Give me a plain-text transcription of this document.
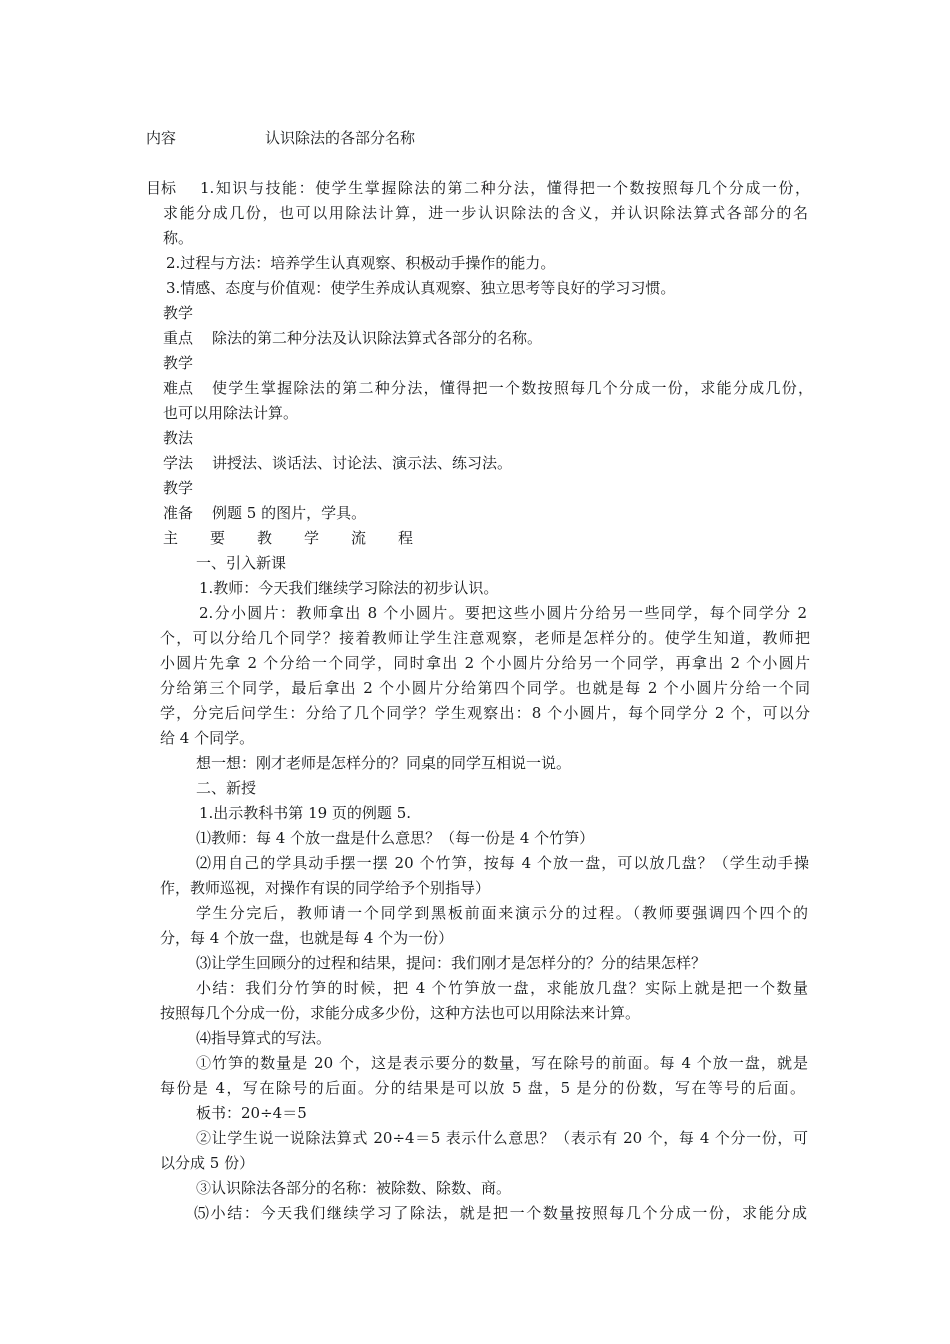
内容	认识除法的各部分名称
目标 1.知识与技能：使学生掌握除法的第二种分法，懂得把一个数按照每几个分成一份，
求能分成几份，也可以用除法计算，进一步认识除法的含义，并认识除法算式各部分的名
称。
2.过程与方法：培养学生认真观察、积极动手操作的能力。
3.情感、态度与价值观：使学生养成认真观察、独立思考等良好的学习习惯。
教学
重点 除法的第二种分法及认识除法算式各部分的名称。
教学
难点 使学生掌握除法的第二种分法，懂得把一个数按照每几个分成一份，求能分成几份，
也可以用除法计算。
教法
学法 讲授法、谈话法、讨论法、演示法、练习法。
教学
准备 例题 5 的图片，学具。
主要教学流程
一、引入新课
1.教师：今天我们继续学习除法的初步认识。
2.分小圆片：教师拿出 8 个小圆片。要把这些小圆片分给另一些同学，每个同学分 2
个，可以分给几个同学？接着教师让学生注意观察，老师是怎样分的。使学生知道，教师把
小圆片先拿 2 个分给一个同学，同时拿出 2 个小圆片分给另一个同学，再拿出 2 个小圆片
分给第三个同学，最后拿出 2 个小圆片分给第四个同学。也就是每 2 个小圆片分给一个同
学，分完后问学生：分给了几个同学？学生观察出：8 个小圆片，每个同学分 2 个，可以分
给 4 个同学。
想一想：刚才老师是怎样分的？同桌的同学互相说一说。
二、新授
1.出示教科书第 19 页的例题 5.
⑴教师：每 4 个放一盘是什么意思？（每一份是 4 个竹笋）
⑵用自己的学具动手摆一摆 20 个竹笋，按每 4 个放一盘，可以放几盘？（学生动手操
作，教师巡视，对操作有误的同学给予个别指导）
学生分完后，教师请一个同学到黑板前面来演示分的过程。（教师要强调四个四个的
分，每 4 个放一盘，也就是每 4 个为一份）
⑶让学生回顾分的过程和结果，提问：我们刚才是怎样分的？分的结果怎样？
小结：我们分竹笋的时候，把 4 个竹笋放一盘，求能放几盘？实际上就是把一个数量
按照每几个分成一份，求能分成多少份，这种方法也可以用除法来计算。
⑷指导算式的写法。
①竹笋的数量是 20 个，这是表示要分的数量，写在除号的前面。每 4 个放一盘，就是
每份是 4，写在除号的后面。分的结果是可以放 5 盘，5 是分的份数，写在等号的后面。
板书：20÷4＝5
②让学生说一说除法算式 20÷4＝5 表示什么意思？（表示有 20 个，每 4 个分一份，可
以分成 5 份）
③认识除法各部分的名称：被除数、除数、商。
⑸小结：今天我们继续学习了除法，就是把一个数量按照每几个分成一份，求能分成
